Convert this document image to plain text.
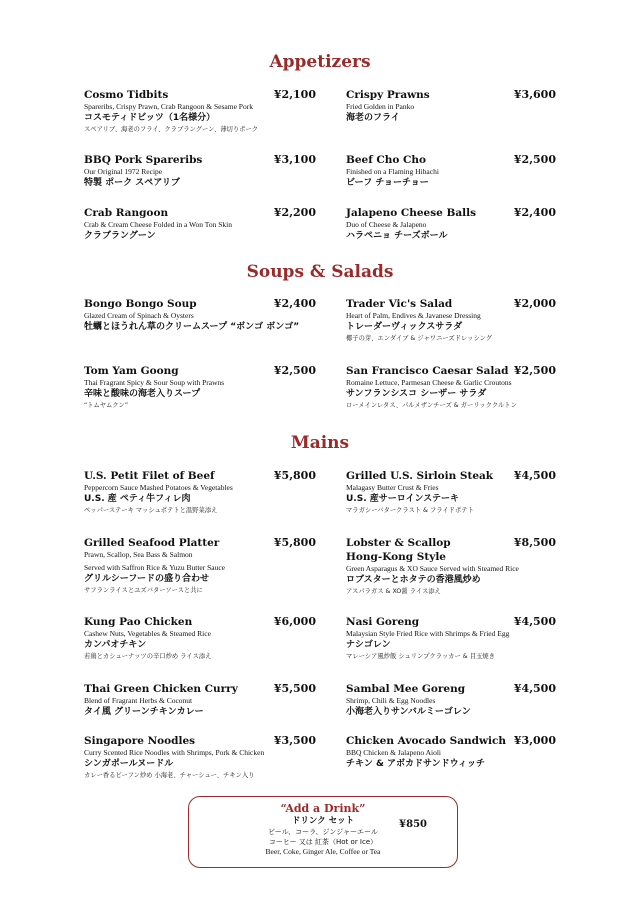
Appetizers
Cosmo Tidbits	¥2,100
Spareribs, Crispy Prawn, Crab Rangoon & Sesame Pork
コスモティドビッツ（1名様分）
スペアリブ、海老のフライ、クラブラングーン、薄切りポーク
Crispy Prawns	¥3,600
Fried Golden in Panko
海老のフライ
BBQ Pork Spareribs	¥3,100
Our Original 1972 Recipe
特製 ポーク スペアリブ
Beef Cho Cho	¥2,500
Finished on a Flaming Hibachi
ビーフ チョーチョー
Crab Rangoon	¥2,200
Crab & Cream Cheese Folded in a Won Ton Skin
クラブラングーン
Jalapeno Cheese Balls	¥2,400
Duo of Cheese & Jalapeno
ハラペニョ チーズボール
Soups & Salads
Bongo Bongo Soup	¥2,400
Glazed Cream of Spinach & Oysters
牡蠣とほうれん草のクリームスープ “ボンゴ ボンゴ”
Trader Vic's Salad	¥2,000
Heart of Palm, Endives & Javanese Dressing
トレーダーヴィックスサラダ
椰子の芽、エンダイブ & ジャワニーズドレッシング
Tom Yam Goong	¥2,500
Thai Fragrant Spicy & Sour Soup with Prawns
辛味と酸味の海老入りスープ
“トムヤムクン”
San Francisco Caesar Salad ¥2,500
Romaine Lettuce, Parmesan Cheese & Garlic Croutons
サンフランシスコ シーザー サラダ
ローメインレタス、パルメザンチーズ & ガーリッククルトン
Mains
U.S. Petit Filet of Beef	¥5,800
Peppercorn Sauce Mashed Potatoes & Vegetables
U.S. 産 ペティ牛フィレ肉
ペッパーステーキ マッシュポテトと温野菜添え
Grilled U.S. Sirloin Steak	¥4,500
Malagasy Butter Crust & Fries
U.S. 産サーロインステーキ
マラガシーバタークラスト & フライドポテト
Grilled Seafood Platter	¥5,800
Prawn, Scallop, Sea Bass & Salmon
Served with Saffron Rice & Yuzu Butter Sauce
グリルシーフードの盛り合わせ
サフランライスとユズバターソースと共に
Lobster & Scallop
Hong-Kong Style
¥8,500
Green Asparagus & XO Sauce Served with Steamed Rice
ロブスターとホタテの香港風炒め
アスパラガス & XO醤 ライス添え
Kung Pao Chicken	¥6,000
Cashew Nuts, Vegetables & Steamed Rice
カンパオチキン
若鶏とカシューナッツの辛口炒め ライス添え
Nasi Goreng	¥4,500
Malaysian Style Fried Rice with Shrimps & Fried Egg
ナシゴレン
マレーシア風炒飯 シュリンプクラッカー & 目玉焼き
Thai Green Chicken Curry	¥5,500
Blend of Fragrant Herbs & Coconut
タイ風 グリーンチキンカレー
Sambal Mee Goreng	¥4,500
Shrimp, Chili & Egg Noodles
小海老入りサンバルミーゴレン
Singapore Noodles	¥3,500
Curry Scented Rice Noodles with Shrimps, Pork & Chicken
シンガポールヌードル
カレー香るビーフン炒め 小海老、チャーシュー、チキン入り
Chicken Avocado Sandwich ¥3,000
BBQ Chicken & Jalapeno Aioli
チキン & アボカドサンドウィッチ
“Add a Drink”
ドリンク セット	¥850
ビール、コーラ、ジンジャーエール
コーヒー 又は 紅茶（Hot or Ice）
Beer, Coke, Ginger Ale, Coffee or Tea
